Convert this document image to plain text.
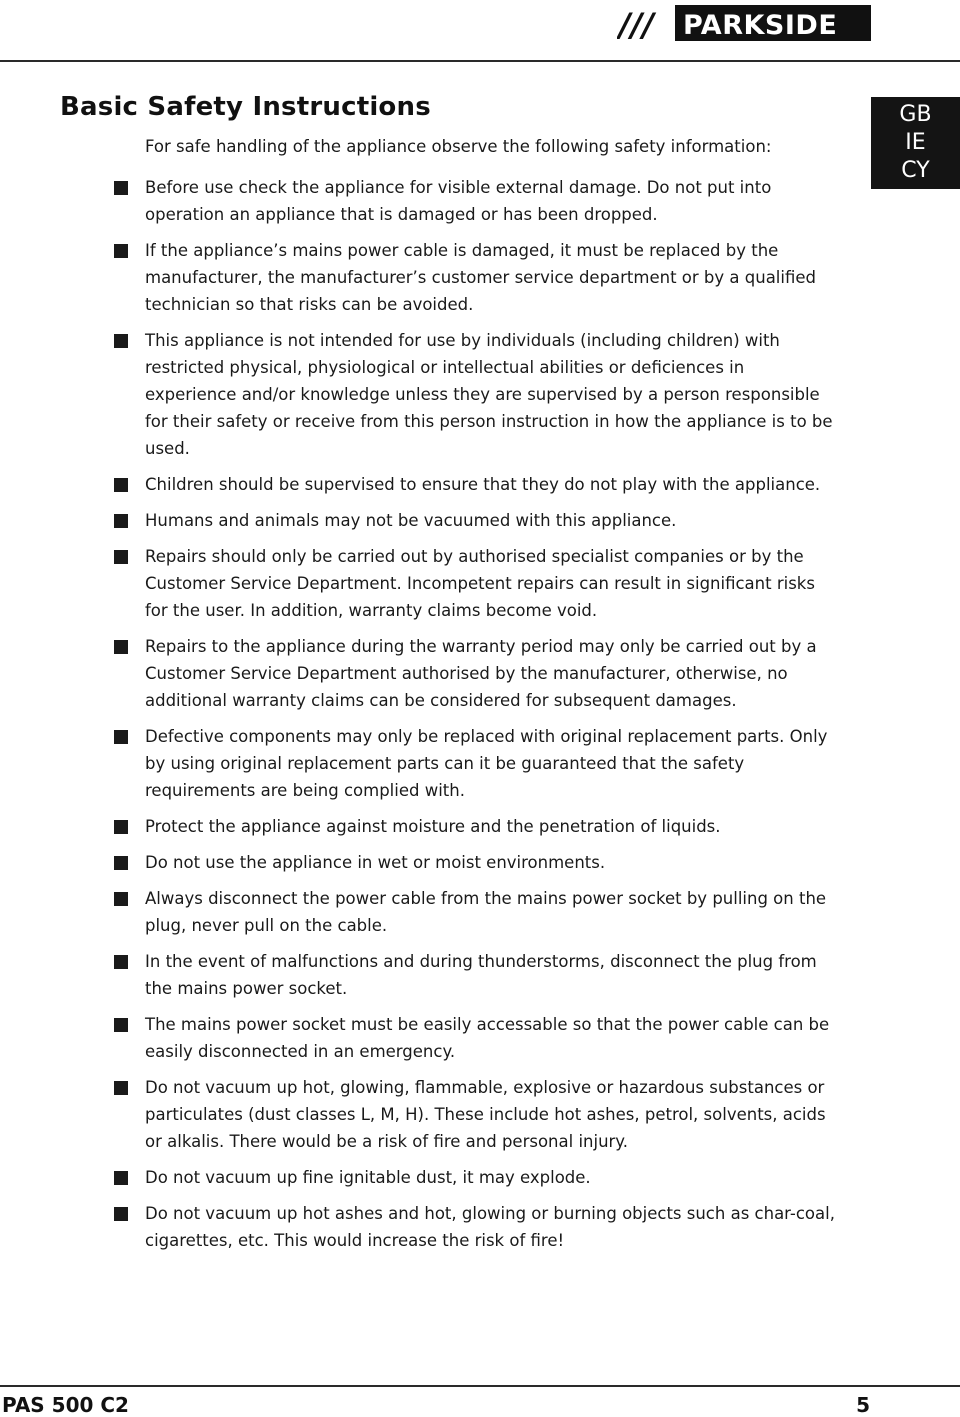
/// PARKSIDE
Basic Safety Instructions	GB
IE
CY

For safe handling of the appliance observe the following safety information:

Before use check the appliance for visible external damage. Do not put into operation an appliance that is damaged or has been dropped.
If the appliance’s mains power cable is damaged, it must be replaced by the manufacturer, the manufacturer’s customer service department or by a qualified technician so that risks can be avoided.
This appliance is not intended for use by individuals (including children) with restricted physical, physiological or intellectual abilities or deficiences in experience and/or knowledge unless they are supervised by a person responsible for their safety or receive from this person instruction in how the appliance is to be used.
Children should be supervised to ensure that they do not play with the appliance.
Humans and animals may not be vacuumed with this appliance.
Repairs should only be carried out by authorised specialist companies or by the Customer Service Department. Incompetent repairs can result in significant risks for the user. In addition, warranty claims become void.
Repairs to the appliance during the warranty period may only be carried out by a Customer Service Department authorised by the manufacturer, otherwise, no additional warranty claims can be considered for subsequent damages.
Defective components may only be replaced with original replacement parts. Only by using original replacement parts can it be guaranteed that the safety requirements are being complied with.
Protect the appliance against moisture and the penetration of liquids.
Do not use the appliance in wet or moist environments.
Always disconnect the power cable from the mains power socket by pulling on the plug, never pull on the cable.
In the event of malfunctions and during thunderstorms, disconnect the plug from the mains power socket.
The mains power socket must be easily accessable so that the power cable can be easily disconnected in an emergency.
Do not vacuum up hot, glowing, flammable, explosive or hazardous substances or particulates (dust classes L, M, H). These include hot ashes, petrol, solvents, acids or alkalis. There would be a risk of fire and personal injury.
Do not vacuum up fine ignitable dust, it may explode.
Do not vacuum up hot ashes and hot, glowing or burning objects such as char-coal, cigarettes, etc. This would increase the risk of fire!
PAS 500 C2	5
